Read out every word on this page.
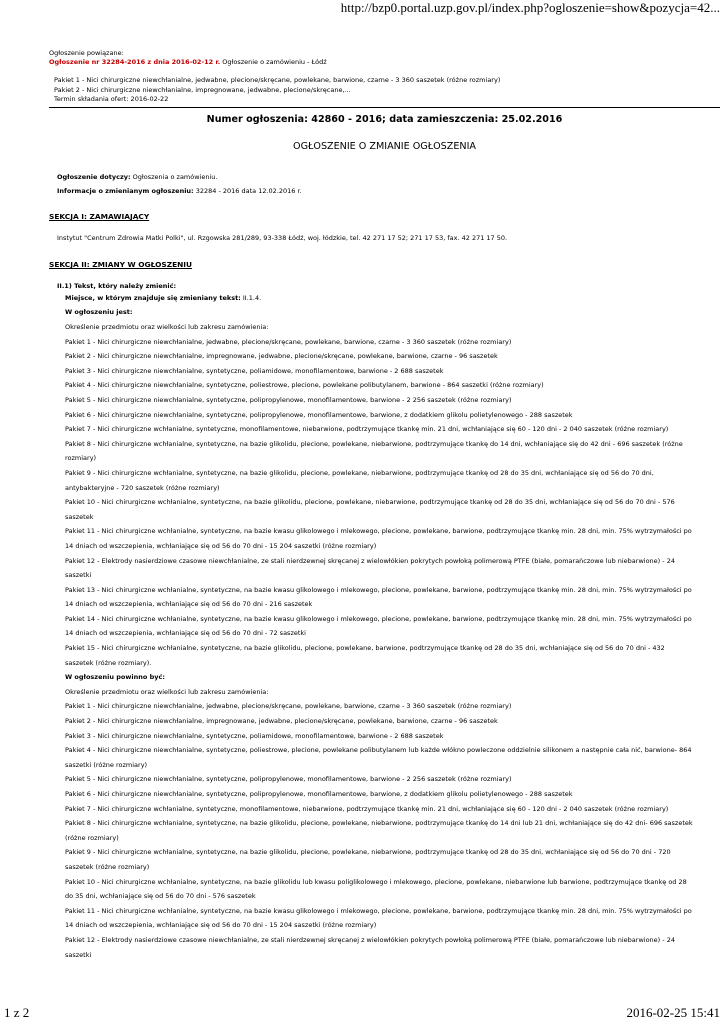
http://bzp0.portal.uzp.gov.pl/index.php?ogloszenie=show&pozycja=42...
Ogłoszenie powiązane:
Ogłoszenie nr 32284-2016 z dnia 2016-02-12 r. Ogłoszenie o zamówieniu - Łódź
Pakiet 1 - Nici chirurgiczne niewchłanialne, jedwabne, plecione/skręcane, powlekane, barwione, czarne - 3 360 saszetek (różne rozmiary)
Pakiet 2 - Nici chirurgiczne niewchłanialne, impregnowane, jedwabne, plecione/skręcane,...
Termin składania ofert: 2016-02-22
Numer ogłoszenia: 42860 - 2016; data zamieszczenia: 25.02.2016
OGŁOSZENIE O ZMIANIE OGŁOSZENIA
Ogłoszenie dotyczy: Ogłoszenia o zamówieniu.
Informacje o zmienianym ogłoszeniu: 32284 - 2016 data 12.02.2016 r.
SEKCJA I: ZAMAWIAJĄCY
Instytut "Centrum Zdrowia Matki Polki", ul. Rzgowska 281/289, 93-338 Łódź, woj. łódzkie, tel. 42 271 17 52; 271 17 53, fax. 42 271 17 50.
SEKCJA II: ZMIANY W OGŁOSZENIU
II.1) Tekst, który należy zmienić:
Miejsce, w którym znajduje się zmieniany tekst: II.1.4.
W ogłoszeniu jest:
Określenie przedmiotu oraz wielkości lub zakresu zamówienia:
Pakiet 1 - Nici chirurgiczne niewchłanialne, jedwabne, plecione/skręcane, powlekane, barwione, czarne - 3 360 saszetek (różne rozmiary)
Pakiet 2 - Nici chirurgiczne niewchłanialne, impregnowane, jedwabne, plecione/skręcane, powlekane, barwione, czarne - 96 saszetek
Pakiet 3 - Nici chirurgiczne niewchłanialne, syntetyczne, poliamidowe, monofilamentowe, barwione - 2 688 saszetek
Pakiet 4 - Nici chirurgiczne niewchłanialne, syntetyczne, poliestrowe, plecione, powlekane polibutylanem, barwione - 864 saszetki (różne rozmiary)
Pakiet 5 - Nici chirurgiczne niewchłanialne, syntetyczne, polipropylenowe, monofilamentowe, barwione - 2 256 saszetek (różne rozmiary)
Pakiet 6 - Nici chirurgiczne niewchłanialne, syntetyczne, polipropylenowe, monofilamentowe, barwione, z dodatkiem glikolu polietylenowego - 288 saszetek
Pakiet 7 - Nici chirurgiczne wchłanialne, syntetyczne, monofilamentowe, niebarwione, podtrzymujące tkankę min. 21 dni, wchłaniające się 60 - 120 dni - 2 040 saszetek (różne rozmiary)
Pakiet 8 - Nici chirurgiczne wchłanialne, syntetyczne, na bazie glikolidu, plecione, powlekane, niebarwione, podtrzymujące tkankę do 14 dni, wchłaniające się do 42 dni - 696 saszetek (różne
rozmiary)
Pakiet 9 - Nici chirurgiczne wchłanialne, syntetyczne, na bazie glikolidu, plecione, powlekane, niebarwione, podtrzymujące tkankę od 28 do 35 dni, wchłaniające się od 56 do 70 dni,
antybakteryjne - 720 saszetek (różne rozmiary)
Pakiet 10 - Nici chirurgiczne wchłanialne, syntetyczne, na bazie glikolidu, plecione, powlekane, niebarwione, podtrzymujące tkankę od 28 do 35 dni, wchłaniające się od 56 do 70 dni - 576
saszetek
Pakiet 11 - Nici chirurgiczne wchłanialne, syntetyczne, na bazie kwasu glikolowego i mlekowego, plecione, powlekane, barwione, podtrzymujące tkankę min. 28 dni, min. 75% wytrzymałości po
14 dniach od wszczepienia, wchłaniające się od 56 do 70 dni - 15 204 saszetki (różne rozmiary)
Pakiet 12 - Elektrody nasierdziowe czasowe niewchłanialne, ze stali nierdzewnej skręcanej z wielowłókien pokrytych powłoką polimerową PTFE (białe, pomarańczowe lub niebarwione) - 24
saszetki
Pakiet 13 - Nici chirurgiczne wchłanialne, syntetyczne, na bazie kwasu glikolowego i mlekowego, plecione, powlekane, barwione, podtrzymujące tkankę min. 28 dni, min. 75% wytrzymałości po
14 dniach od wszczepienia, wchłaniające się od 56 do 70 dni - 216 saszetek
Pakiet 14 - Nici chirurgiczne wchłanialne, syntetyczne, na bazie kwasu glikolowego i mlekowego, plecione, powlekane, barwione, podtrzymujące tkankę min. 28 dni, min. 75% wytrzymałości po
14 dniach od wszczepienia, wchłaniające się od 56 do 70 dni - 72 saszetki
Pakiet 15 - Nici chirurgiczne wchłanialne, syntetyczne, na bazie glikolidu, plecione, powlekane, barwione, podtrzymujące tkankę od 28 do 35 dni, wchłaniające się od 56 do 70 dni - 432
saszetek (różne rozmiary).
W ogłoszeniu powinno być:
Określenie przedmiotu oraz wielkości lub zakresu zamówienia:
Pakiet 1 - Nici chirurgiczne niewchłanialne, jedwabne, plecione/skręcane, powlekane, barwione, czarne - 3 360 saszetek (różne rozmiary)
Pakiet 2 - Nici chirurgiczne niewchłanialne, impregnowane, jedwabne, plecione/skręcane, powlekane, barwione, czarne - 96 saszetek
Pakiet 3 - Nici chirurgiczne niewchłanialne, syntetyczne, poliamidowe, monofilamentowe, barwione - 2 688 saszetek
Pakiet 4 - Nici chirurgiczne niewchłanialne, syntetyczne, poliestrowe, plecione, powlekane polibutylanem lub każde włókno powleczone oddzielnie silikonem a następnie cała nić, barwione- 864
saszetki (różne rozmiary)
Pakiet 5 - Nici chirurgiczne niewchłanialne, syntetyczne, polipropylenowe, monofilamentowe, barwione - 2 256 saszetek (różne rozmiary)
Pakiet 6 - Nici chirurgiczne niewchłanialne, syntetyczne, polipropylenowe, monofilamentowe, barwione, z dodatkiem glikolu polietylenowego - 288 saszetek
Pakiet 7 - Nici chirurgiczne wchłanialne, syntetyczne, monofilamentowe, niebarwione, podtrzymujące tkankę min. 21 dni, wchłaniające się 60 - 120 dni - 2 040 saszetek (różne rozmiary)
Pakiet 8 - Nici chirurgiczne wchłanialne, syntetyczne, na bazie glikolidu, plecione, powlekane, niebarwione, podtrzymujące tkankę do 14 dni lub 21 dni, wchłaniające się do 42 dni- 696 saszetek
(różne rozmiary)
Pakiet 9 - Nici chirurgiczne wchłanialne, syntetyczne, na bazie glikolidu, plecione, powlekane, niebarwione, podtrzymujące tkankę od 28 do 35 dni, wchłaniające się od 56 do 70 dni - 720
saszetek (różne rozmiary)
Pakiet 10 - Nici chirurgiczne wchłanialne, syntetyczne, na bazie glikolidu lub kwasu poliglikolowego i mlekowego, plecione, powlekane, niebarwione lub barwione, podtrzymujące tkankę od 28
do 35 dni, wchłaniające się od 56 do 70 dni - 576 saszetek
Pakiet 11 - Nici chirurgiczne wchłanialne, syntetyczne, na bazie kwasu glikolowego i mlekowego, plecione, powlekane, barwione, podtrzymujące tkankę min. 28 dni, min. 75% wytrzymałości po
14 dniach od wszczepienia, wchłaniające się od 56 do 70 dni - 15 204 saszetki (różne rozmiary)
Pakiet 12 - Elektrody nasierdziowe czasowe niewchłanialne, ze stali nierdzewnej skręcanej z wielowłókien pokrytych powłoką polimerową PTFE (białe, pomarańczowe lub niebarwione) - 24
saszetki
1 z 2	2016-02-25 15:41
